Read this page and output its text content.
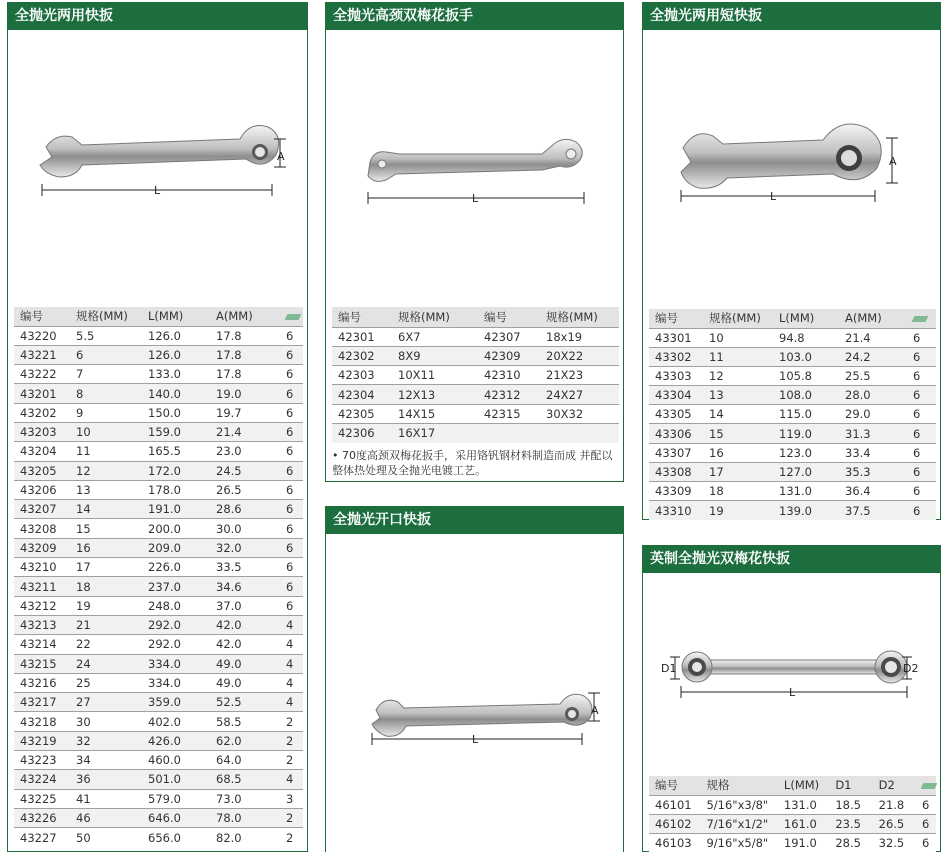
全抛光两用快扳
L
A
编号	规格(MM)	L(MM)	A(MM)	
43220	5.5	126.0	17.8	6
43221	6	126.0	17.8	6
43222	7	133.0	17.8	6
43201	8	140.0	19.0	6
43202	9	150.0	19.7	6
43203	10	159.0	21.4	6
43204	11	165.5	23.0	6
43205	12	172.0	24.5	6
43206	13	178.0	26.5	6
43207	14	191.0	28.6	6
43208	15	200.0	30.0	6
43209	16	209.0	32.0	6
43210	17	226.0	33.5	6
43211	18	237.0	34.6	6
43212	19	248.0	37.0	6
43213	21	292.0	42.0	4
43214	22	292.0	42.0	4
43215	24	334.0	49.0	4
43216	25	334.0	49.0	4
43217	27	359.0	52.5	4
43218	30	402.0	58.5	2
43219	32	426.0	62.0	2
43223	34	460.0	64.0	2
43224	36	501.0	68.5	4
43225	41	579.0	73.0	3
43226	46	646.0	78.0	2
43227	50	656.0	82.0	2
全抛光高颈双梅花扳手
L
编号	规格(MM)	编号	规格(MM)
42301	6X7	42307	18x19
42302	8X9	42309	20X22
42303	10X11	42310	21X23
42304	12X13	42312	24X27
42305	14X15	42315	30X32
42306	16X17		
• 70度高颈双梅花扳手，采用铬钒钢材料制造而成 并配以整体热处理及全抛光电镀工艺。
全抛光开口快扳
L
A
全抛光两用短快扳
L
A
编号	规格(MM)	L(MM)	A(MM)	
43301	10	94.8	21.4	6
43302	11	103.0	24.2	6
43303	12	105.8	25.5	6
43304	13	108.0	28.0	6
43305	14	115.0	29.0	6
43306	15	119.0	31.3	6
43307	16	123.0	33.4	6
43308	17	127.0	35.3	6
43309	18	131.0	36.4	6
43310	19	139.0	37.5	6
英制全抛光双梅花快扳
D1	D2
L
编号	规格	L(MM)	D1	D2	
46101	5/16"x3/8"	131.0	18.5	21.8	6
46102	7/16"x1/2"	161.0	23.5	26.5	6
46103	9/16"x5/8"	191.0	28.5	32.5	6
